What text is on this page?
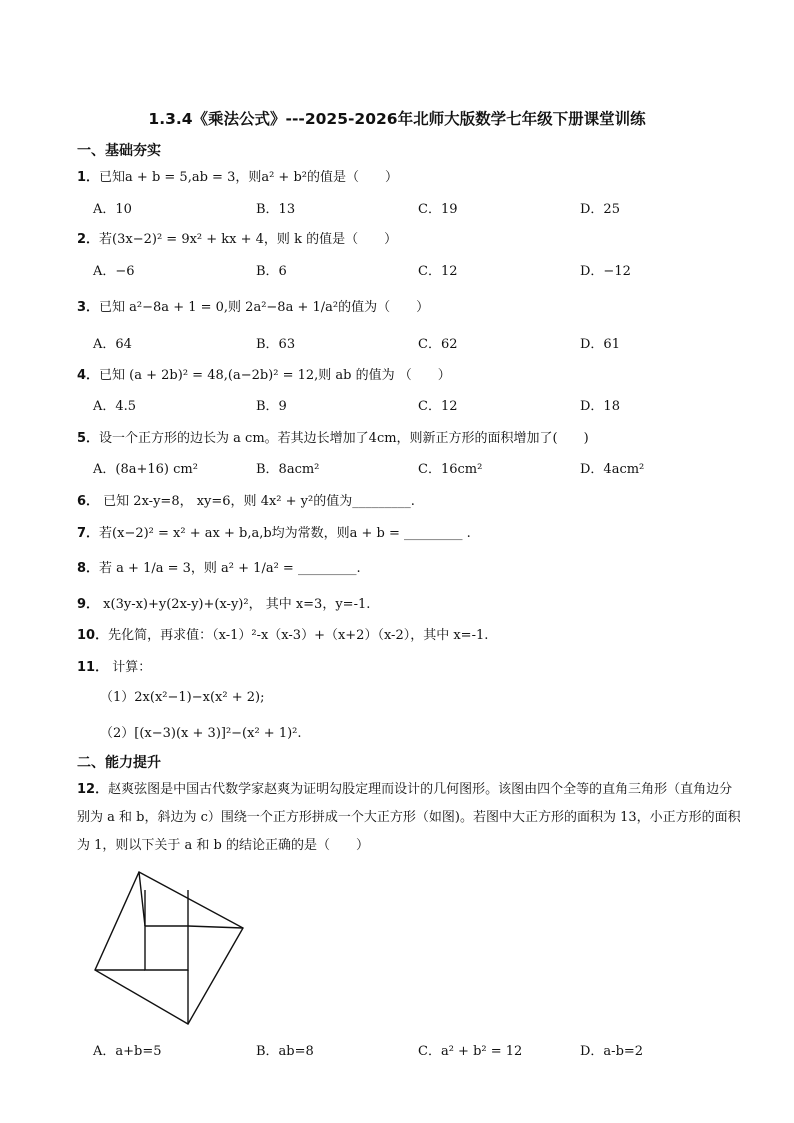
1.3.4《乘法公式》---2025-2026年北师大版数学七年级下册课堂训练
一、基础夯实
1．已知a + b = 5,ab = 3，则a² + b²的值是（　　）
A．10	B．13	C．19	D．25
2．若(3x−2)² = 9x² + kx + 4，则 k 的值是（　　）
A．−6	B．6	C．12	D．−12
3．已知 a²−8a + 1 = 0,则 2a²−8a + 1/a²的值为（　　）
A．64	B．63	C．62	D．61
4．已知 (a + 2b)² = 48,(a−2b)² = 12,则 ab 的值为 （　　）
A．4.5	B．9	C．12	D．18
5．设一个正方形的边长为 a cm。若其边长增加了4cm，则新正方形的面积增加了(　　)
A．(8a+16) cm²	B．8acm²	C．16cm²	D．4acm²
6． 已知 2x-y=8， xy=6，则 4x² + y²的值为_________.
7．若(x−2)² = x² + ax + b,a,b均为常数，则a + b = _________ .
8．若 a + 1/a = 3，则 a² + 1/a² = _________.
9． x(3y-x)+y(2x-y)+(x-y)²， 其中 x=3，y=-1.
10．先化简，再求值：（x-1）²-x（x-3）+（x+2）（x-2），其中 x=-1.
11． 计算：
（1）2x(x²−1)−x(x² + 2);
（2）[(x−3)(x + 3)]²−(x² + 1)².
二、能力提升
12．赵爽弦图是中国古代数学家赵爽为证明勾股定理而设计的几何图形。该图由四个全等的直角三角形（直角边分别为 a 和 b，斜边为 c）围绕一个正方形拼成一个大正方形（如图)。若图中大正方形的面积为 13，小正方形的面积为 1，则以下关于 a 和 b 的结论正确的是（　　）
A．a+b=5	B．ab=8	C．a² + b² = 12	D．a-b=2
